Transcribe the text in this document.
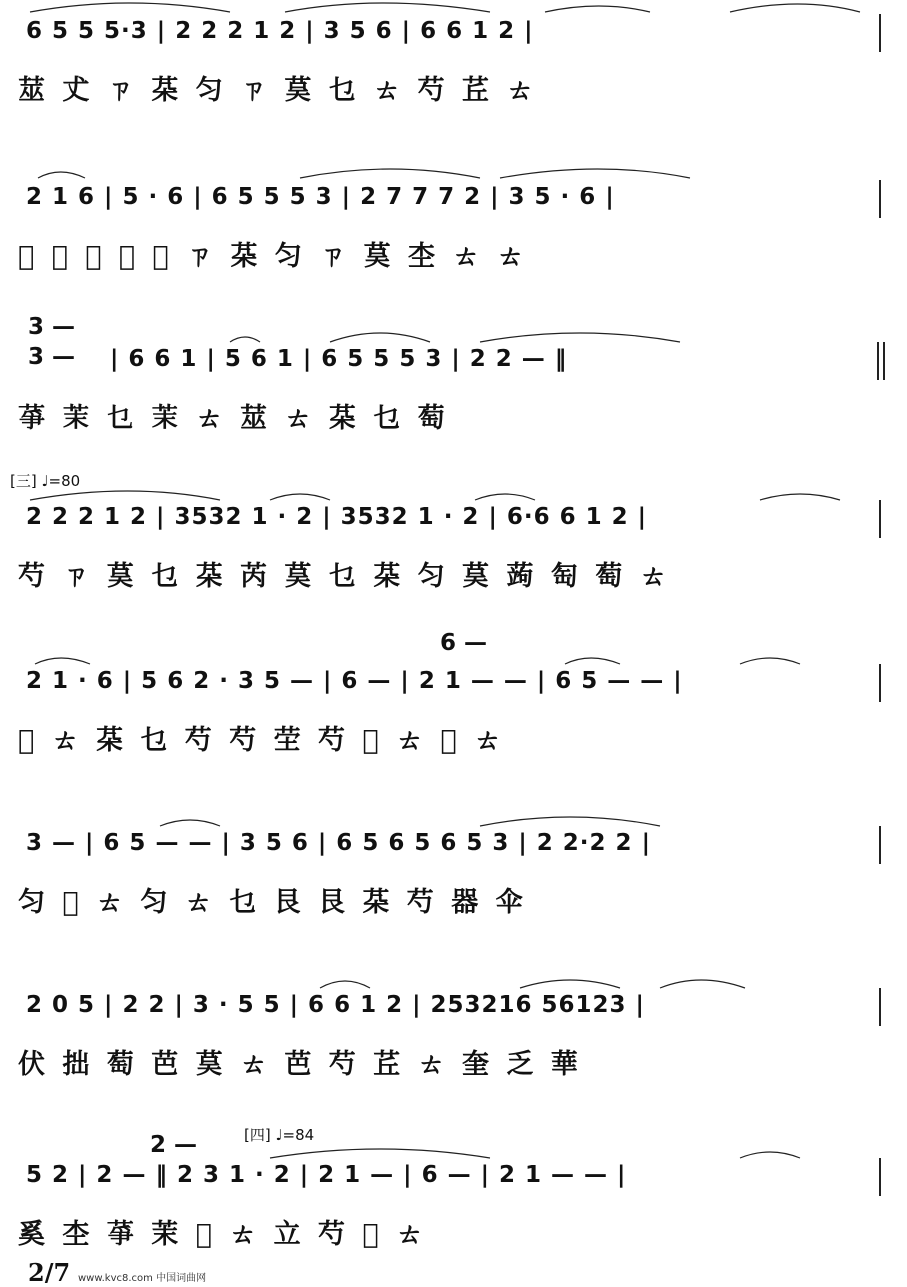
6 5 5 5·3 | 2 2 2 1 2 | 3 5 6 | 6 6 1 2 |
莁 𠀋 ㄗ 䒳 匀 ㄗ 茣 乜 ㄊ 芍 茊 ㄊ
2 1 6 | 5 · 6 | 6 5 5 5 3 | 2 7 7 7 2 | 3 5 · 6 |
𦬒 𦯖 苿 茍 𦬒 ㄗ 䒳 匀 ㄗ 茣 杢 ㄊ ㄊ
3 —
3 — | 6 6 1 | 5 6 1 | 6 5 5 5 3 | 2 2 — ‖
𦱊 茉 乜 茉 ㄊ 莁 ㄊ 䒳 乜 萄
[三] ♩=80
2 2 2 1 2 | 3532 1 · 2 | 3532 1 · 2 | 6·6 6 1 2 |
芍 ㄗ 茣 乜 䒳 芮 茣 乜 䒳 匀 茣 蒟 匋 萄 ㄊ
6 —
2 1 · 6 | 5 6 2 · 3 5 — | 6 — | 2 1 — — | 6 5 — — |
𦬒 ㄊ 䒳 乜 芍 芍 茔 芍 𦬒 ㄊ 𦬒 ㄊ
3 — | 6 5 — — | 3 5 6 | 6 5 6 5 6 5 3 | 2 2·2 2 |
匀 𦬒 ㄊ 匀 ㄊ 乜 艮 艮 䒳 芍 器 伞
2 0 5 | 2 2 | 3 · 5 5 | 6 6 1 2 | 253216 56123 |
伏 拙 萄 芭 茣 ㄊ 芭 芍 茊 ㄊ 奎 乏 華
2 —	[四] ♩=84
5 2 | 2 — ‖ 2 3 1 · 2 | 2 1 — | 6 — | 2 1 — — |
奚 杢 𦱊 茉 𦬒 ㄊ 立 芍 𦬒 ㄊ
2/7 www.kvc8.com 中国词曲网
